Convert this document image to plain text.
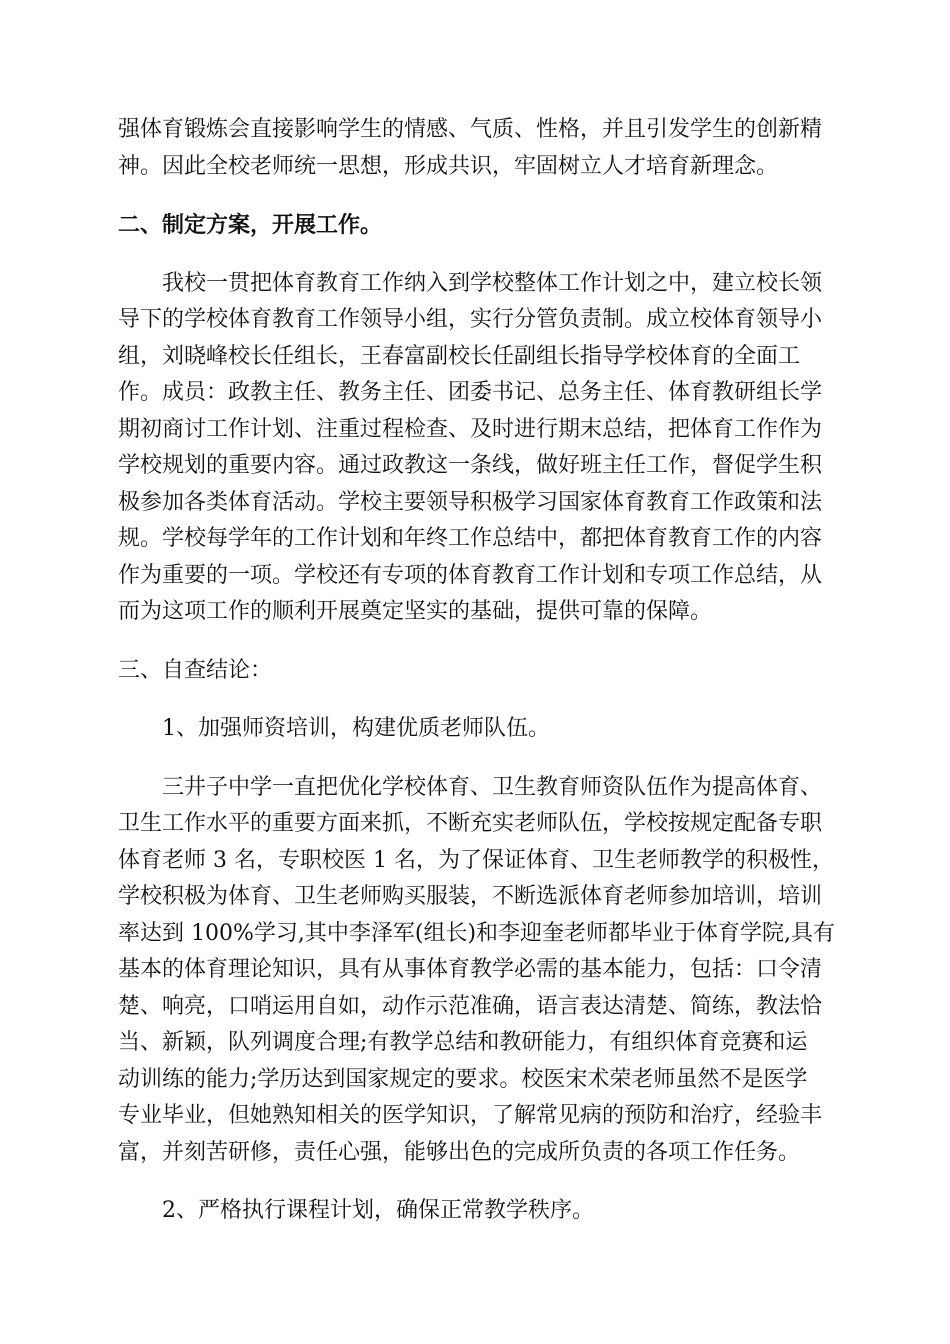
强体育锻炼会直接影响学生的情感、气质、性格，并且引发学生的创新精
神。因此全校老师统一思想，形成共识，牢固树立人才培育新理念。

二、制定方案，开展工作。

我校一贯把体育教育工作纳入到学校整体工作计划之中，建立校长领
导下的学校体育教育工作领导小组，实行分管负责制。成立校体育领导小
组，刘晓峰校长任组长，王春富副校长任副组长指导学校体育的全面工
作。成员：政教主任、教务主任、团委书记、总务主任、体育教研组长学
期初商讨工作计划、注重过程检查、及时进行期末总结，把体育工作作为
学校规划的重要内容。通过政教这一条线，做好班主任工作，督促学生积
极参加各类体育活动。学校主要领导积极学习国家体育教育工作政策和法
规。学校每学年的工作计划和年终工作总结中，都把体育教育工作的内容
作为重要的一项。学校还有专项的体育教育工作计划和专项工作总结，从
而为这项工作的顺利开展奠定坚实的基础，提供可靠的保障。

三、自查结论：

1、加强师资培训，构建优质老师队伍。

三井子中学一直把优化学校体育、卫生教育师资队伍作为提高体育、
卫生工作水平的重要方面来抓，不断充实老师队伍，学校按规定配备专职
体育老师 3 名，专职校医 1 名，为了保证体育、卫生老师教学的积极性，
学校积极为体育、卫生老师购买服装，不断选派体育老师参加培训，培训
率达到 100%学习,其中李泽军(组长)和李迎奎老师都毕业于体育学院,具有
基本的体育理论知识，具有从事体育教学必需的基本能力，包括：口令清
楚、响亮，口哨运用自如，动作示范准确，语言表达清楚、简练，教法恰
当、新颖，队列调度合理;有教学总结和教研能力，有组织体育竞赛和运
动训练的能力;学历达到国家规定的要求。校医宋术荣老师虽然不是医学
专业毕业，但她熟知相关的医学知识，了解常见病的预防和治疗，经验丰
富，并刻苦研修，责任心强，能够出色的完成所负责的各项工作任务。

2、严格执行课程计划，确保正常教学秩序。
